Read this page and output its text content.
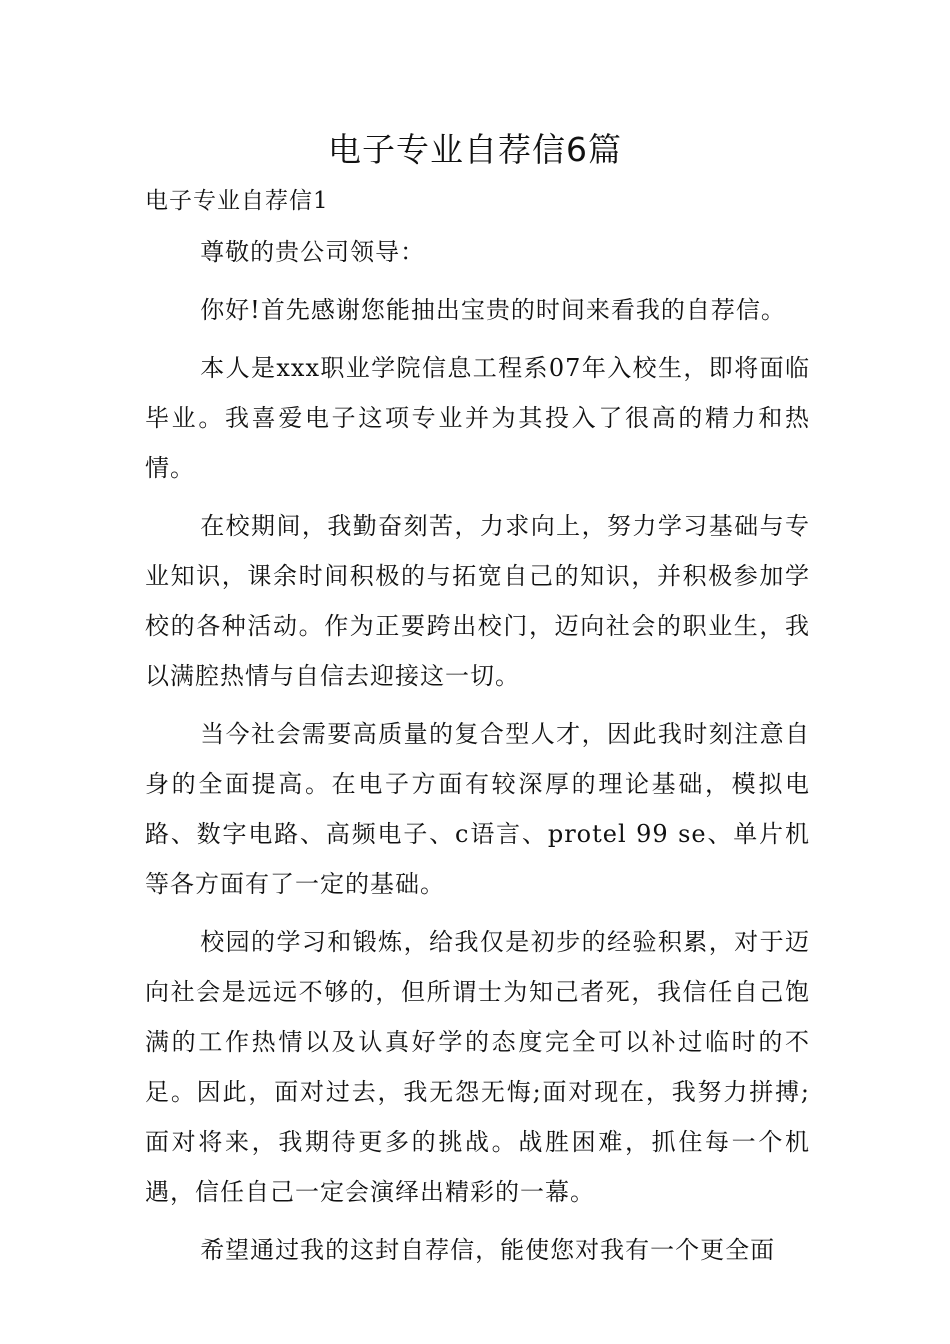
电子专业自荐信6篇

电子专业自荐信1

尊敬的贵公司领导：

你好!首先感谢您能抽出宝贵的时间来看我的自荐信。

本人是xxx职业学院信息工程系07年入校生，即将面临毕业。我喜爱电子这项专业并为其投入了很高的精力和热情。

在校期间，我勤奋刻苦，力求向上，努力学习基础与专业知识，课余时间积极的与拓宽自己的知识，并积极参加学校的各种活动。作为正要跨出校门，迈向社会的职业生，我以满腔热情与自信去迎接这一切。

当今社会需要高质量的复合型人才，因此我时刻注意自身的全面提高。在电子方面有较深厚的理论基础，模拟电路、数字电路、高频电子、c语言、protel 99 se、单片机等各方面有了一定的基础。

校园的学习和锻炼，给我仅是初步的经验积累，对于迈向社会是远远不够的，但所谓士为知己者死，我信任自己饱满的工作热情以及认真好学的态度完全可以补过临时的不足。因此，面对过去，我无怨无悔;面对现在，我努力拼搏;面对将来，我期待更多的挑战。战胜困难，抓住每一个机遇，信任自己一定会演绎出精彩的一幕。

希望通过我的这封自荐信，能使您对我有一个更全面
